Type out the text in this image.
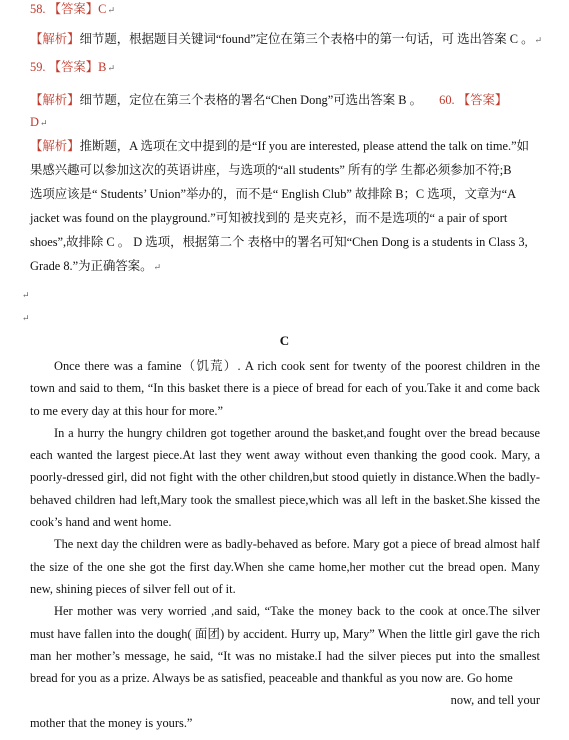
58. 【答案】C↵
【解析】细节题，根据题目关键词“found”定位在第三个表格中的第一句话，可 选出答案 C 。↵
59. 【答案】B↵
【解析】细节题，定位在第三个表格的署名“Chen Dong”可选出答案 B 。 60. 【答案】
D↵
【解析】推断题，A 选项在文中提到的是“If you are interested, please attend the talk on time.”如
果感兴趣可以参加这次的英语讲座，与选项的“all students” 所有的学 生都必须参加不符;B
选项应该是“ Students’ Union”举办的，而不是“ English Club” 故排除 B；C 选项，文章为“A
jacket was found on the playground.”可知被找到的 是夹克衫，而不是选项的“ a pair of sport
shoes”,故排除 C 。 D 选项，根据第二个 表格中的署名可知“Chen Dong is a students in Class 3,
Grade 8.”为正确答案。↵
↵
↵
C

Once there was a famine（饥荒）. A rich cook sent for twenty of the poorest children in the town and said to them, “In this basket there is a piece of bread for each of you.Take it and come back to me every day at this hour for more.”

In a hurry the hungry children got together around the basket,and fought over the bread because each wanted the largest piece.At last they went away without even thanking the good cook. Mary, a poorly-dressed girl, did not fight with the other children,but stood quietly in distance.When the badly-behaved children had left,Mary took the smallest piece,which was all left in the basket.She kissed the cook’s hand and went home.

The next day the children were as badly-behaved as before. Mary got a piece of bread almost half the size of the one she got the first day.When she came home,her mother cut the bread open. Many new, shining pieces of silver fell out of it.

Her mother was very worried ,and said, “Take the money back to the cook at once.The silver must have fallen into the dough( 面团) by accident. Hurry up, Mary” When the little girl gave the rich man her mother’s message, he said, “It was no mistake.I had the silver pieces put into the smallest bread for you as a prize. Always be as satisfied, peaceable and thankful as you now are. Go home

now, and tell your

mother that the money is yours.”
